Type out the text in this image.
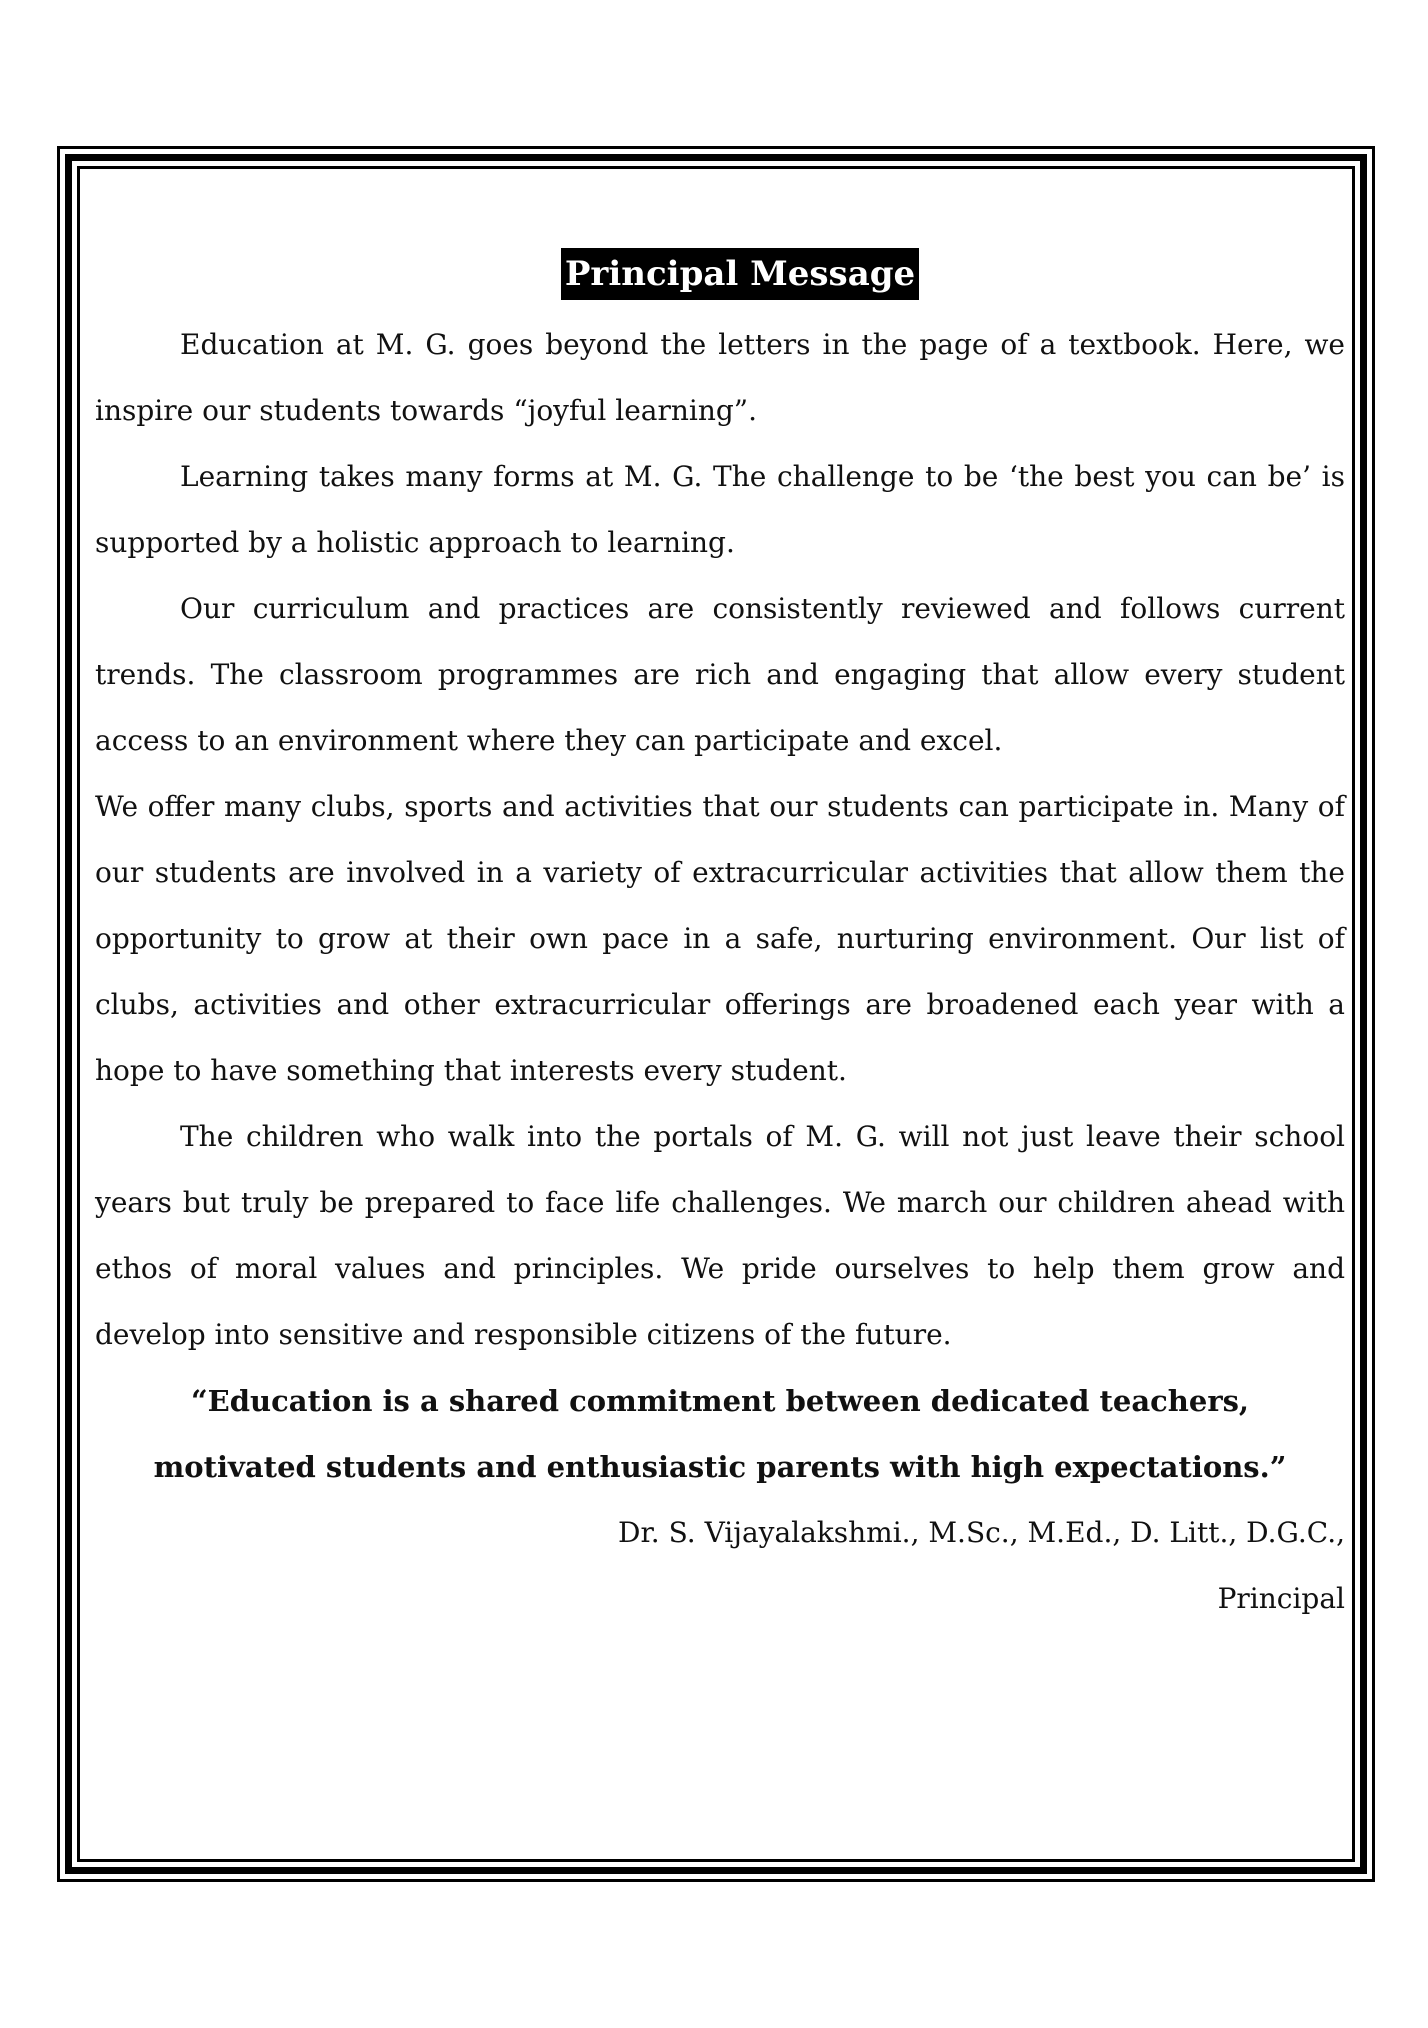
Principal Message

Education at M. G. goes beyond the letters in the page of a textbook. Here, we inspire our students towards “joyful learning”.

Learning takes many forms at M. G. The challenge to be ‘the best you can be’ is supported by a holistic approach to learning.

Our curriculum and practices are consistently reviewed and follows current trends. The classroom programmes are rich and engaging that allow every student access to an environment where they can participate and excel.

We offer many clubs, sports and activities that our students can participate in. Many of our students are involved in a variety of extracurricular activities that allow them the opportunity to grow at their own pace in a safe, nurturing environment. Our list of clubs, activities and other extracurricular offerings are broadened each year with a hope to have something that interests every student.

The children who walk into the portals of M. G. will not just leave their school years but truly be prepared to face life challenges. We march our children ahead with ethos of moral values and principles. We pride ourselves to help them grow and develop into sensitive and responsible citizens of the future.

“Education is a shared commitment between dedicated teachers,

motivated students and enthusiastic parents with high expectations.”

Dr. S. Vijayalakshmi., M.Sc., M.Ed., D. Litt., D.G.C.,

Principal
